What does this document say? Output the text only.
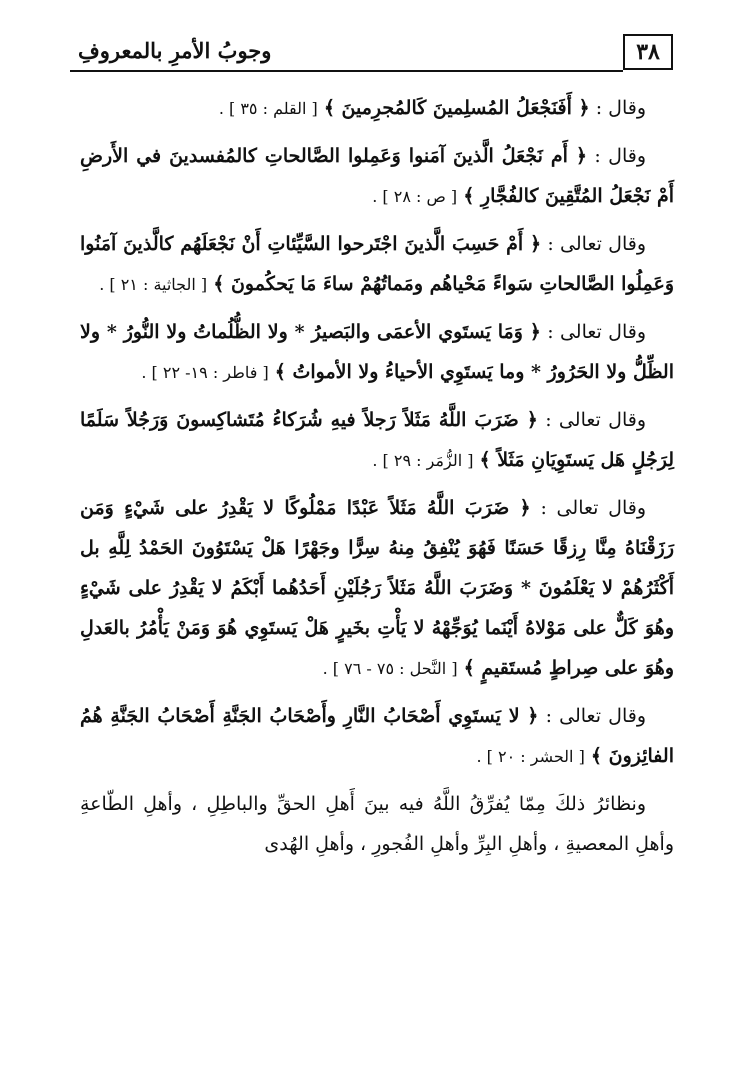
٣٨
وجوبُ الأمرِ بالمعروفِ

وقال : ﴿ أَفَنَجْعَلُ المُسلِمينَ كَالمُجرِمينَ ﴾ [ القلم : ٣٥ ] .

وقال : ﴿ أَم نَجْعَلُ الَّذينَ آمَنوا وَعَمِلوا الصَّالحاتِ كالمُفسدينَ في الأَرضِ أَمْ نَجْعَلُ المُتَّقِينَ كالفُجَّارِ ﴾ [ ص : ٢٨ ] .

وقال تعالى : ﴿ أَمْ حَسِبَ الَّذينَ اجْتَرحوا السَّيِّئاتِ أَنْ نَجْعَلَهُم كالَّذينَ آمَنُوا وَعَمِلُوا الصَّالحاتِ سَواءً مَحْياهُم ومَماتُهُمْ ساءَ مَا يَحكُمونَ ﴾ [ الجاثية : ٢١ ] .

وقال تعالى : ﴿ وَمَا يَستَوي الأعمَى والبَصيرُ * ولا الظُّلُماتُ ولا النُّورُ * ولا الظِّلُّ ولا الحَرُورُ * وما يَستَوِي الأحياءُ ولا الأمواتُ ﴾ [ فاطر : ١٩- ٢٢ ] .

وقال تعالى : ﴿ ضَرَبَ اللَّهُ مَثَلاً رَجلاً فيهِ شُرَكاءُ مُتَشاكِسونَ وَرَجُلاً سَلَمًا لِرَجُلٍ هَل يَستَوِيَانِ مَثَلاً ﴾ [ الزُّمَر : ٢٩ ] .

وقال تعالى : ﴿ ضَرَبَ اللَّهُ مَثَلاً عَبْدًا مَمْلُوكًا لا يَقْدِرُ على شَيْءٍ وَمَن رَزَقْنَاهُ مِنَّا رِزقًا حَسَنًا فَهُوَ يُنْفِقُ مِنهُ سِرًّا وجَهْرًا هَلْ يَسْتَوُونَ الحَمْدُ لِلَّهِ بل أَكْثَرُهُمْ لا يَعْلَمُونَ * وَضَرَبَ اللَّهُ مَثَلاً رَجُلَيْنِ أَحَدُهُما أَبْكَمُ لا يَقْدِرُ على شَيْءٍ وهُوَ كَلٌّ على مَوْلاهُ أَيْنَما يُوَجِّهْهُ لا يَأْتِ بخَيرٍ هَلْ يَستَوِي هُوَ وَمَنْ يَأْمُرُ بالعَدلِ وهُوَ على صِراطٍ مُستَقيمٍ ﴾ [ النَّحل : ٧٥ - ٧٦ ] .

وقال تعالى : ﴿ لا يَستَوِي أَصْحَابُ النَّارِ وأَصْحَابُ الجَنَّةِ أَصْحَابُ الجَنَّةِ هُمُ الفائِزونَ ﴾ [ الحشر : ٢٠ ] .

ونظائرُ ذلكَ مِمّا يُفرِّقُ اللَّهُ فيه بينَ أَهلِ الحقِّ والباطِلِ ، وأهلِ الطّاعةِ وأهلِ المعصيةِ ، وأهلِ البِرِّ وأهلِ الفُجورِ ، وأهلِ الهُدى
